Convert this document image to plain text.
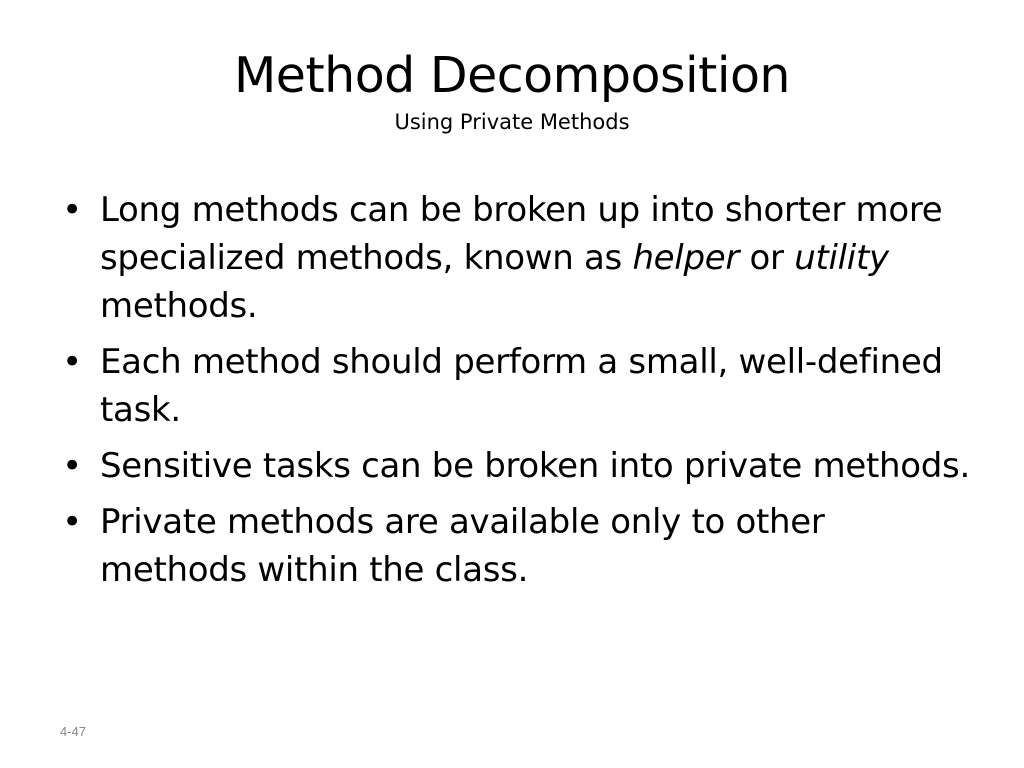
Method Decomposition
Using Private Methods
• Long methods can be broken up into shorter more specialized methods, known as helper or utility methods.
• Each method should perform a small, well-defined task.
• Sensitive tasks can be broken into private methods.
• Private methods are available only to other methods within the class.
4-47
